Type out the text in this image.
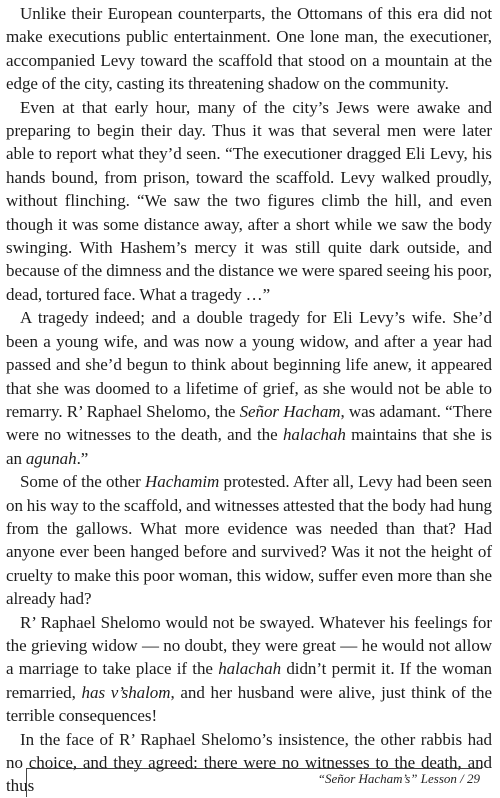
Unlike their European counterparts, the Ottomans of this era did not make executions public entertainment. One lone man, the executioner, accompanied Levy toward the scaffold that stood on a mountain at the edge of the city, casting its threatening shadow on the community.

Even at that early hour, many of the city’s Jews were awake and preparing to begin their day. Thus it was that several men were later able to report what they’d seen. “The executioner dragged Eli Levy, his hands bound, from prison, toward the scaffold. Levy walked proudly, without flinching. “We saw the two figures climb the hill, and even though it was some distance away, after a short while we saw the body swinging. With Hashem’s mercy it was still quite dark outside, and because of the dimness and the distance we were spared seeing his poor, dead, tortured face. What a tragedy …”

A tragedy indeed; and a double tragedy for Eli Levy’s wife. She’d been a young wife, and was now a young widow, and after a year had passed and she’d begun to think about beginning life anew, it appeared that she was doomed to a lifetime of grief, as she would not be able to remarry. R’ Raphael Shelomo, the Señor Hacham, was adamant. “There were no witnesses to the death, and the halachah maintains that she is an agunah.”

Some of the other Hachamim protested. After all, Levy had been seen on his way to the scaffold, and witnesses attested that the body had hung from the gallows. What more evidence was needed than that? Had anyone ever been hanged before and survived? Was it not the height of cruelty to make this poor woman, this widow, suffer even more than she already had?

R’ Raphael Shelomo would not be swayed. Whatever his feelings for the grieving widow — no doubt, they were great — he would not allow a marriage to take place if the halachah didn’t permit it. If the woman remarried, has v’shalom, and her husband were alive, just think of the terrible consequences!

In the face of R’ Raphael Shelomo’s insistence, the other rabbis had no choice, and they agreed: there were no witnesses to the death, and thus	“Señor Hacham’s” Lesson / 29
